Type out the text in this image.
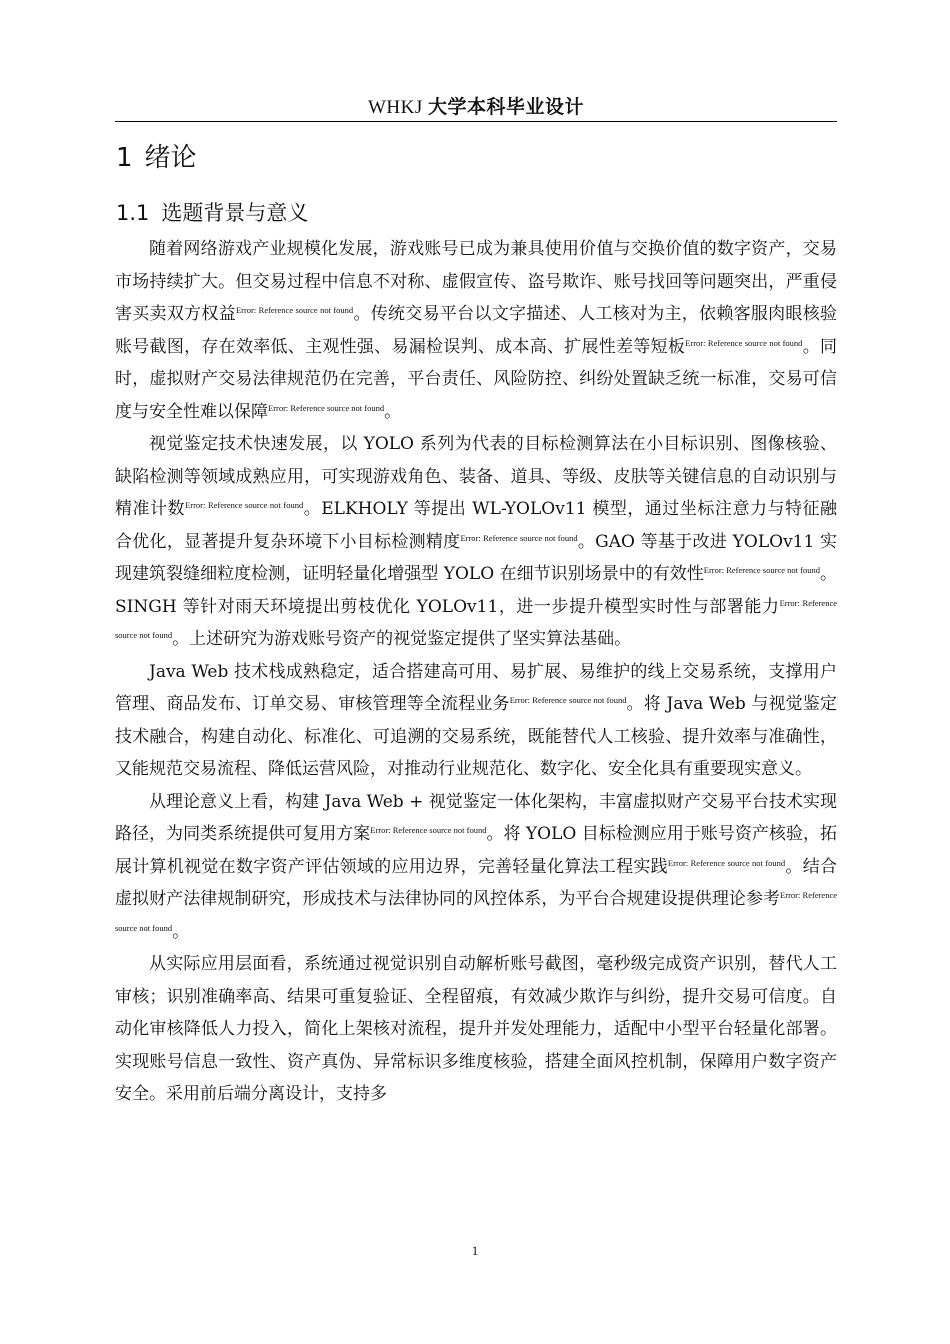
WHKJ 大学本科毕业设计
1 绪论
1.1 选题背景与意义

随着网络游戏产业规模化发展，游戏账号已成为兼具使用价值与交换价值的数字资产，交易市场持续扩大。但交易过程中信息不对称、虚假宣传、盗号欺诈、账号找回等问题突出，严重侵害买卖双方权益$^{Error: Reference source not found}$。传统交易平台以文字描述、人工核对为主，依赖客服肉眼核验账号截图，存在效率低、主观性强、易漏检误判、成本高、扩展性差等短板$^{Error: Reference source not found}$。同时，虚拟财产交易法律规范仍在完善，平台责任、风险防控、纠纷处置缺乏统一标准，交易可信度与安全性难以保障$^{Error: Reference source not found}$。

视觉鉴定技术快速发展，以 YOLO 系列为代表的目标检测算法在小目标识别、图像核验、缺陷检测等领域成熟应用，可实现游戏角色、装备、道具、等级、皮肤等关键信息的自动识别与精准计数$^{Error: Reference source not found}$。ELKHOLY 等提出 WL-YOLOv11 模型，通过坐标注意力与特征融合优化，显著提升复杂环境下小目标检测精度$^{Error: Reference source not found}$。GAO 等基于改进 YOLOv11 实现建筑裂缝细粒度检测，证明轻量化增强型 YOLO 在细节识别场景中的有效性$^{Error: Reference source not found}$。SINGH 等针对雨天环境提出剪枝优化 YOLOv11，进一步提升模型实时性与部署能力$^{Error: Reference source not found}$。上述研究为游戏账号资产的视觉鉴定提供了坚实算法基础。

Java Web 技术栈成熟稳定，适合搭建高可用、易扩展、易维护的线上交易系统，支撑用户管理、商品发布、订单交易、审核管理等全流程业务$^{Error: Reference source not found}$。将 Java Web 与视觉鉴定技术融合，构建自动化、标准化、可追溯的交易系统，既能替代人工核验、提升效率与准确性，又能规范交易流程、降低运营风险，对推动行业规范化、数字化、安全化具有重要现实意义。

从理论意义上看，构建 Java Web + 视觉鉴定一体化架构，丰富虚拟财产交易平台技术实现路径，为同类系统提供可复用方案$^{Error: Reference source not found}$。将 YOLO 目标检测应用于账号资产核验，拓展计算机视觉在数字资产评估领域的应用边界，完善轻量化算法工程实践$^{Error: Reference source not found}$。结合虚拟财产法律规制研究，形成技术与法律协同的风控体系，为平台合规建设提供理论参考$^{Error: Reference source not found}$。

从实际应用层面看，系统通过视觉识别自动解析账号截图，毫秒级完成资产识别，替代人工审核；识别准确率高、结果可重复验证、全程留痕，有效减少欺诈与纠纷，提升交易可信度。自动化审核降低人力投入，简化上架核对流程，提升并发处理能力，适配中小型平台轻量化部署。实现账号信息一致性、资产真伪、异常标识多维度核验，搭建全面风控机制，保障用户数字资产安全。采用前后端分离设计，支持多

1
